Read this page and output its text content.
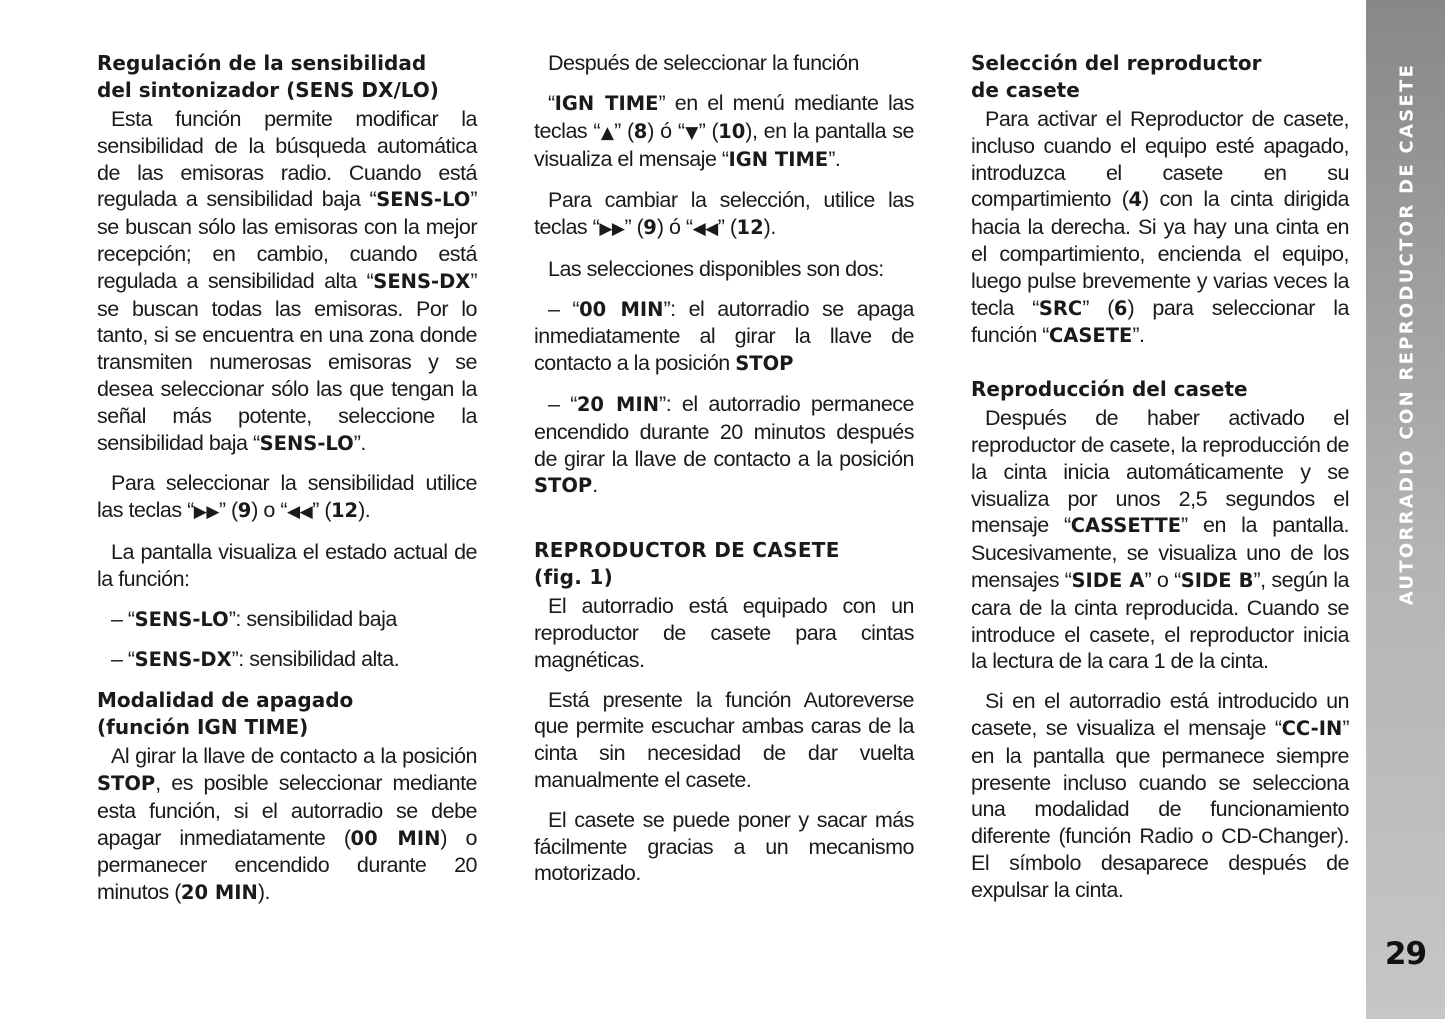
Regulación de la sensibilidad
del sintonizador (SENS DX/LO)

Esta función permite modificar la sensibilidad de la búsqueda automática de las emisoras radio. Cuando está regulada a sensibilidad baja “SENS-LO” se buscan sólo las emisoras con la mejor recepción; en cambio, cuando está regulada a sensibilidad alta “SENS-DX” se buscan todas las emisoras. Por lo tanto, si se encuentra en una zona donde transmiten numerosas emisoras y se desea seleccionar sólo las que tengan la señal más potente, seleccione la sensibilidad baja “SENS-LO”.

Para seleccionar la sensibilidad utilice las teclas “▶▶” (9) o “◀◀” (12).

La pantalla visualiza el estado actual de la función:

– “SENS-LO”: sensibilidad baja

– “SENS-DX”: sensibilidad alta.

Modalidad de apagado
(función IGN TIME)

Al girar la llave de contacto a la posición STOP, es posible seleccionar mediante esta función, si el autorradio se debe apagar inmediatamente (00 MIN) o permanecer encendido durante 20 minutos (20 MIN).

Después de seleccionar la función

“IGN TIME” en el menú mediante las teclas “▲” (8) ó “▼” (10), en la pantalla se visualiza el mensaje “IGN TIME”.

Para cambiar la selección, utilice las teclas “▶▶” (9) ó “◀◀” (12).

Las selecciones disponibles son dos:

– “00 MIN”: el autorradio se apaga inmediatamente al girar la llave de contacto a la posición STOP

– “20 MIN”: el autorradio permanece encendido durante 20 minutos después de girar la llave de contacto a la posición STOP.

REPRODUCTOR DE CASETE
(fig. 1)

El autorradio está equipado con un reproductor de casete para cintas magnéticas.

Está presente la función Autoreverse que permite escuchar ambas caras de la cinta sin necesidad de dar vuelta manualmente el casete.

El casete se puede poner y sacar más fácilmente gracias a un mecanismo motorizado.

Selección del reproductor
de casete

Para activar el Reproductor de casete, incluso cuando el equipo esté apagado, introduzca el casete en su compartimiento (4) con la cinta dirigida hacia la derecha. Si ya hay una cinta en el compartimiento, encienda el equipo, luego pulse brevemente y varias veces la tecla “SRC” (6) para seleccionar la función “CASETE”.

Reproducción del casete

Después de haber activado el reproductor de casete, la reproducción de la cinta inicia automáticamente y se visualiza por unos 2,5 segundos el mensaje “CASSETTE” en la pantalla. Sucesivamente, se visualiza uno de los mensajes “SIDE A” o “SIDE B”, según la cara de la cinta reproducida. Cuando se introduce el casete, el reproductor inicia la lectura de la cara 1 de la cinta.

Si en el autorradio está introducido un casete, se visualiza el mensaje “CC-IN” en la pantalla que permanece siempre presente incluso cuando se selecciona una modalidad de funcionamiento diferente (función Radio o CD-Changer). El símbolo desaparece después de expulsar la cinta.

AUTORRADIO CON REPRODUCTOR DE CASETE
29
